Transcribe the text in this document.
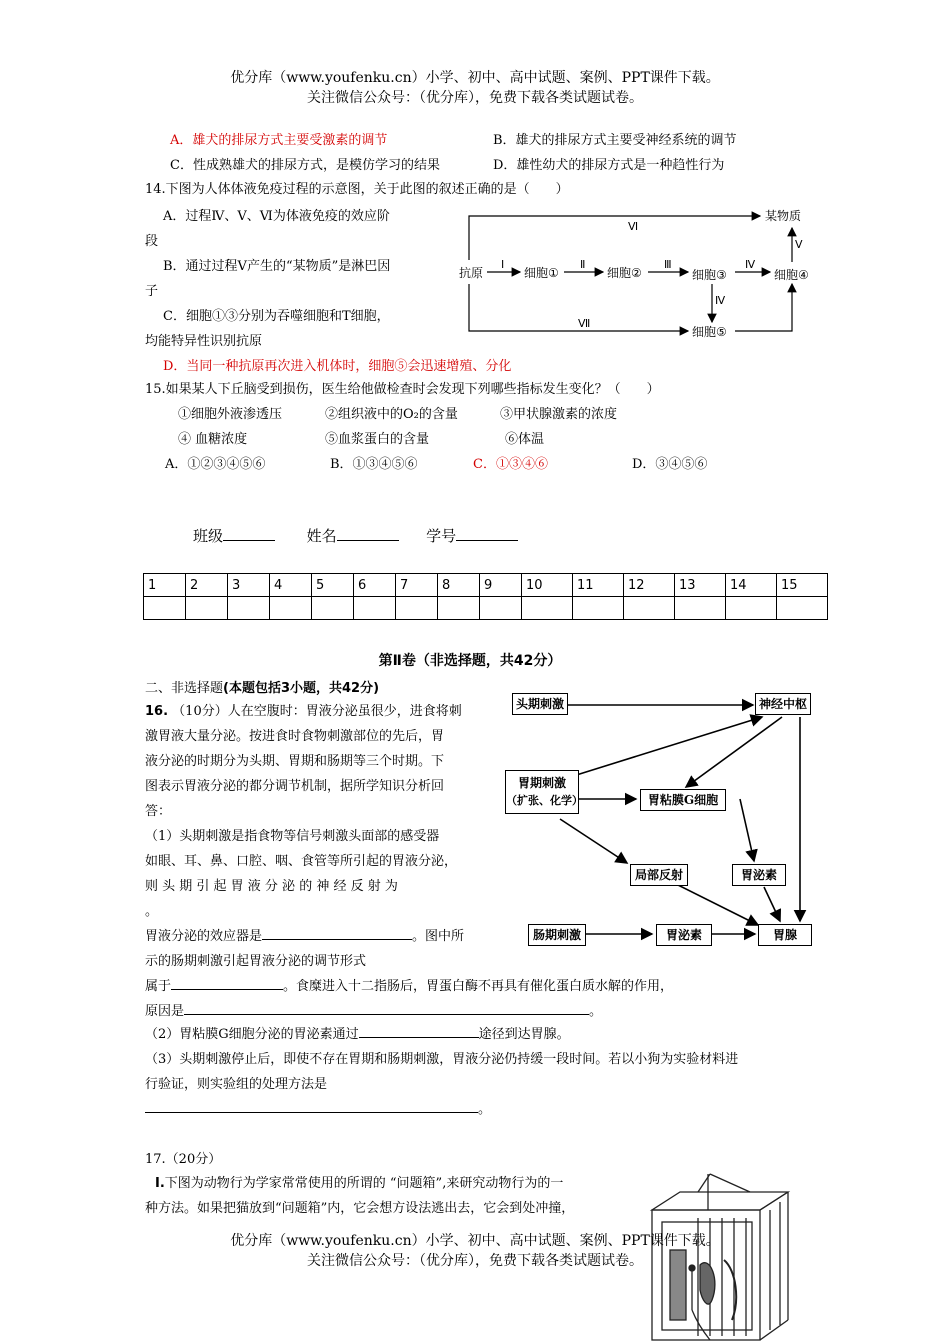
优分库（www.youfenku.cn）小学、初中、高中试题、案例、PPT课件下载。
关注微信公众号：（优分库），免费下载各类试题试卷。
A．雄犬的排尿方式主要受激素的调节	B．雄犬的排尿方式主要受神经系统的调节
C．性成熟雄犬的排尿方式，是模仿学习的结果	D．雄性幼犬的排尿方式是一种趋性行为
14.下图为人体体液免疫过程的示意图，关于此图的叙述正确的是（　　）
A．过程Ⅳ、Ⅴ、Ⅵ为体液免疫的效应阶
段
B．通过过程Ⅴ产生的“某物质”是淋巴因
子
C．细胞①③分别为吞噬细胞和T细胞，
均能特异性识别抗原
D．当同一种抗原再次进入机体时，细胞⑤会迅速增殖、分化
抗原	细胞①	细胞②	细胞③	细胞④
细胞⑤
某物质
Ⅰ	Ⅱ	Ⅲ	Ⅳ
Ⅳ
Ⅴ
Ⅵ
Ⅶ
15.如果某人下丘脑受到损伤，医生给他做检查时会发现下列哪些指标发生变化？（　　）
①细胞外液渗透压	②组织液中的O₂的含量	③甲状腺激素的浓度
④ 血糖浓度	⑤血浆蛋白的含量	⑥体温
A．①②③④⑤⑥	B．①③④⑤⑥	C．①③④⑥	D．③④⑤⑥
班级	姓名	学号
1	2	3	4	5	6	7	8	9	10	11	12	13	14	15

第Ⅱ卷（非选择题，共42分）
二、非选择题(本题包括3小题，共42分)
16. （10分）人在空腹时：胃液分泌虽很少，进食将刺
激胃液大量分泌。按进食时食物刺激部位的先后，胃
液分泌的时期分为头期、胃期和肠期等三个时期。下
图表示胃液分泌的都分调节机制，据所学知识分析回
答：
（1）头期刺激是指食物等信号刺激头面部的感受器
如眼、耳、鼻、口腔、咽、食管等所引起的胃液分泌，
则 头 期 引 起 胃 液 分 泌 的 神 经 反 射 为
。
胃液分泌的效应器是	。图中所
示的肠期刺激引起胃液分泌的调节形式
属于	。食糜进入十二指肠后，胃蛋白酶不再具有催化蛋白质水解的作用，
原因是	。
（2）胃粘膜G细胞分泌的胃泌素通过	途径到达胃腺。
（3）头期刺激停止后，即使不存在胃期和肠期刺激，胃液分泌仍持缓一段时间。若以小狗为实验材料进
行验证，则实验组的处理方法是
。
头期刺激	神经中枢
胃期刺激
（扩张、化学）	胃粘膜G细胞
局部反射	胃泌素
肠期刺激	胃泌素	胃腺
17.（20分）
I.下图为动物行为学家常常使用的所谓的 “问题箱”,来研究动物行为的一
种方法。如果把猫放到“问题箱”内，它会想方设法逃出去，它会到处冲撞，
优分库（www.youfenku.cn）小学、初中、高中试题、案例、PPT课件下载。
关注微信公众号：（优分库），免费下载各类试题试卷。
